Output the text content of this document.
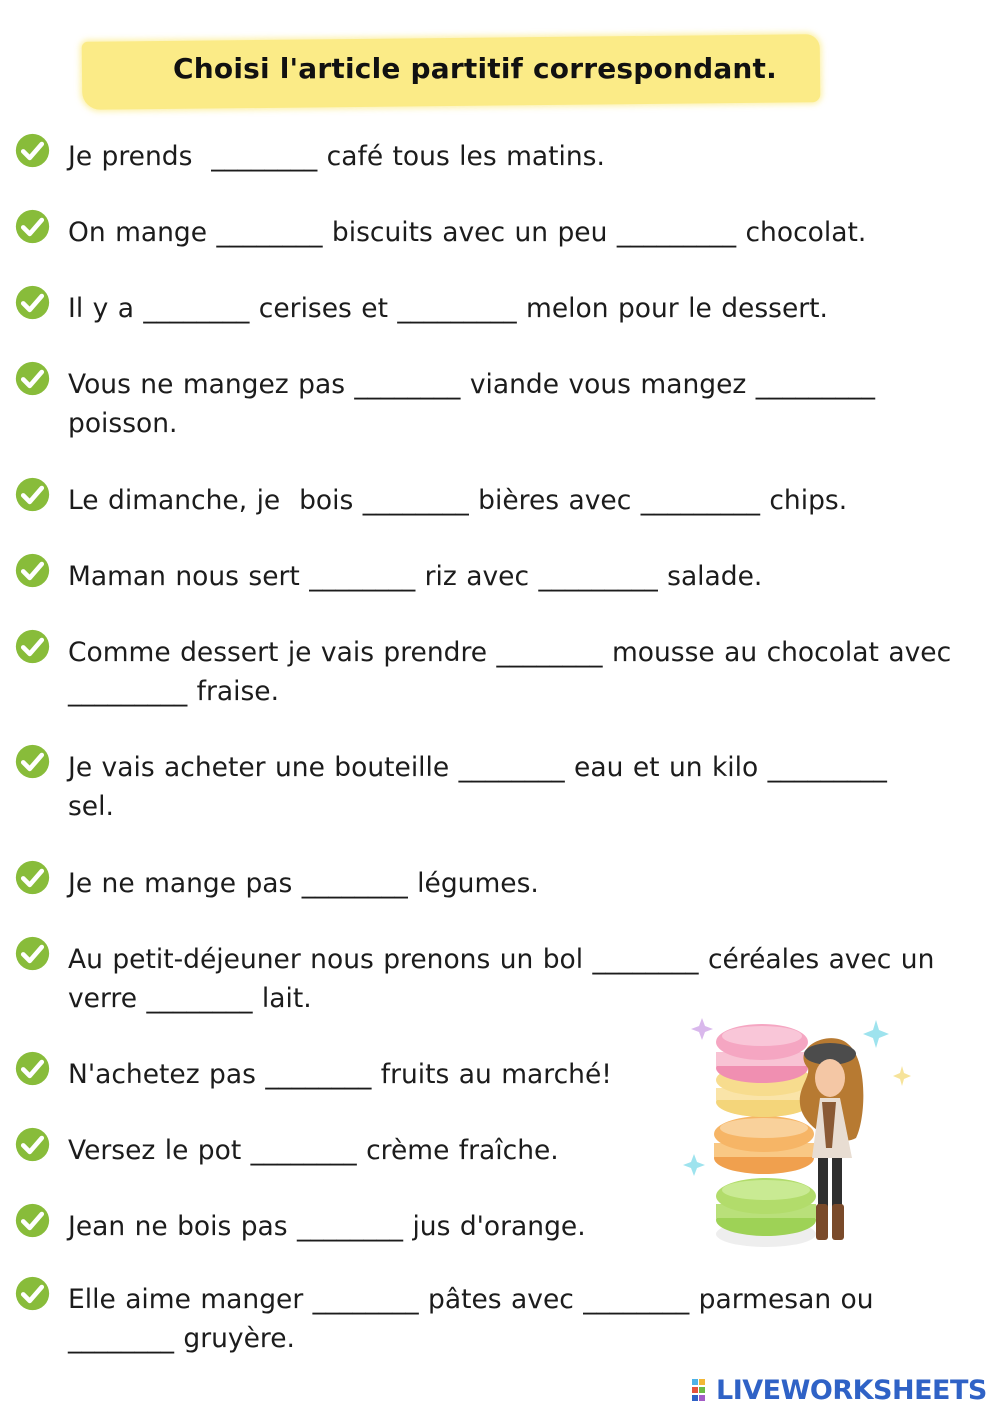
Choisi l'article partitif correspondant.
Je prends  ________ café tous les matins.
On mange ________ biscuits avec un peu _________ chocolat.
Il y a ________ cerises et _________ melon pour le dessert.
Vous ne mangez pas ________ viande vous mangez _________
poisson.
Le dimanche, je  bois ________ bières avec _________ chips.
Maman nous sert ________ riz avec _________ salade.
Comme dessert je vais prendre ________ mousse au chocolat avec
_________ fraise.
Je vais acheter une bouteille ________ eau et un kilo _________
sel.
Je ne mange pas ________ légumes.
Au petit-déjeuner nous prenons un bol ________ céréales avec un
verre ________ lait.
N'achetez pas ________ fruits au marché!
Versez le pot ________ crème fraîche.
Jean ne bois pas ________ jus d'orange.
Elle aime manger ________ pâtes avec ________ parmesan ou
________ gruyère.
LIVEWORKSHEETS
